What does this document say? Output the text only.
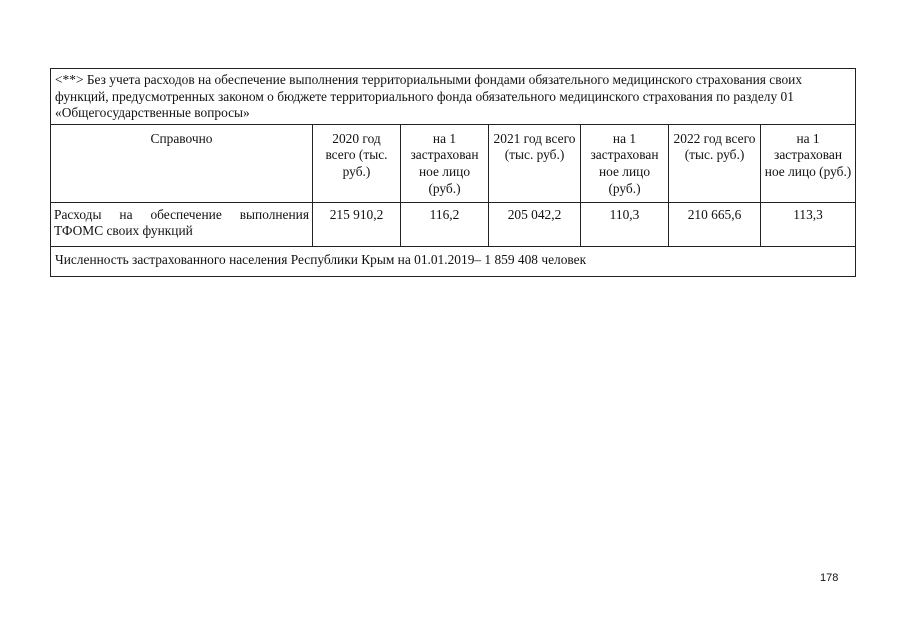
<**> Без учета расходов на обеспечение выполнения территориальными фондами обязательного медицинского страхования своих функций, предусмотренных законом о бюджете территориального фонда обязательного медицинского страхования по разделу 01 «Общегосударственные вопросы»						
Справочно	2020 год всего (тыс. руб.)	на 1 застрахован ное лицо (руб.)	2021 год всего (тыс. руб.)	на 1 застрахован ное лицо (руб.)	2022 год всего (тыс. руб.)	на 1 застрахован ное лицо (руб.)
Расходы на обеспечение выполнения ТФОМС своих функций	215 910,2	116,2	205 042,2	110,3	210 665,6	113,3
Численность застрахованного населения Республики Крым на 01.01.2019– 1 859 408 человек						
178
